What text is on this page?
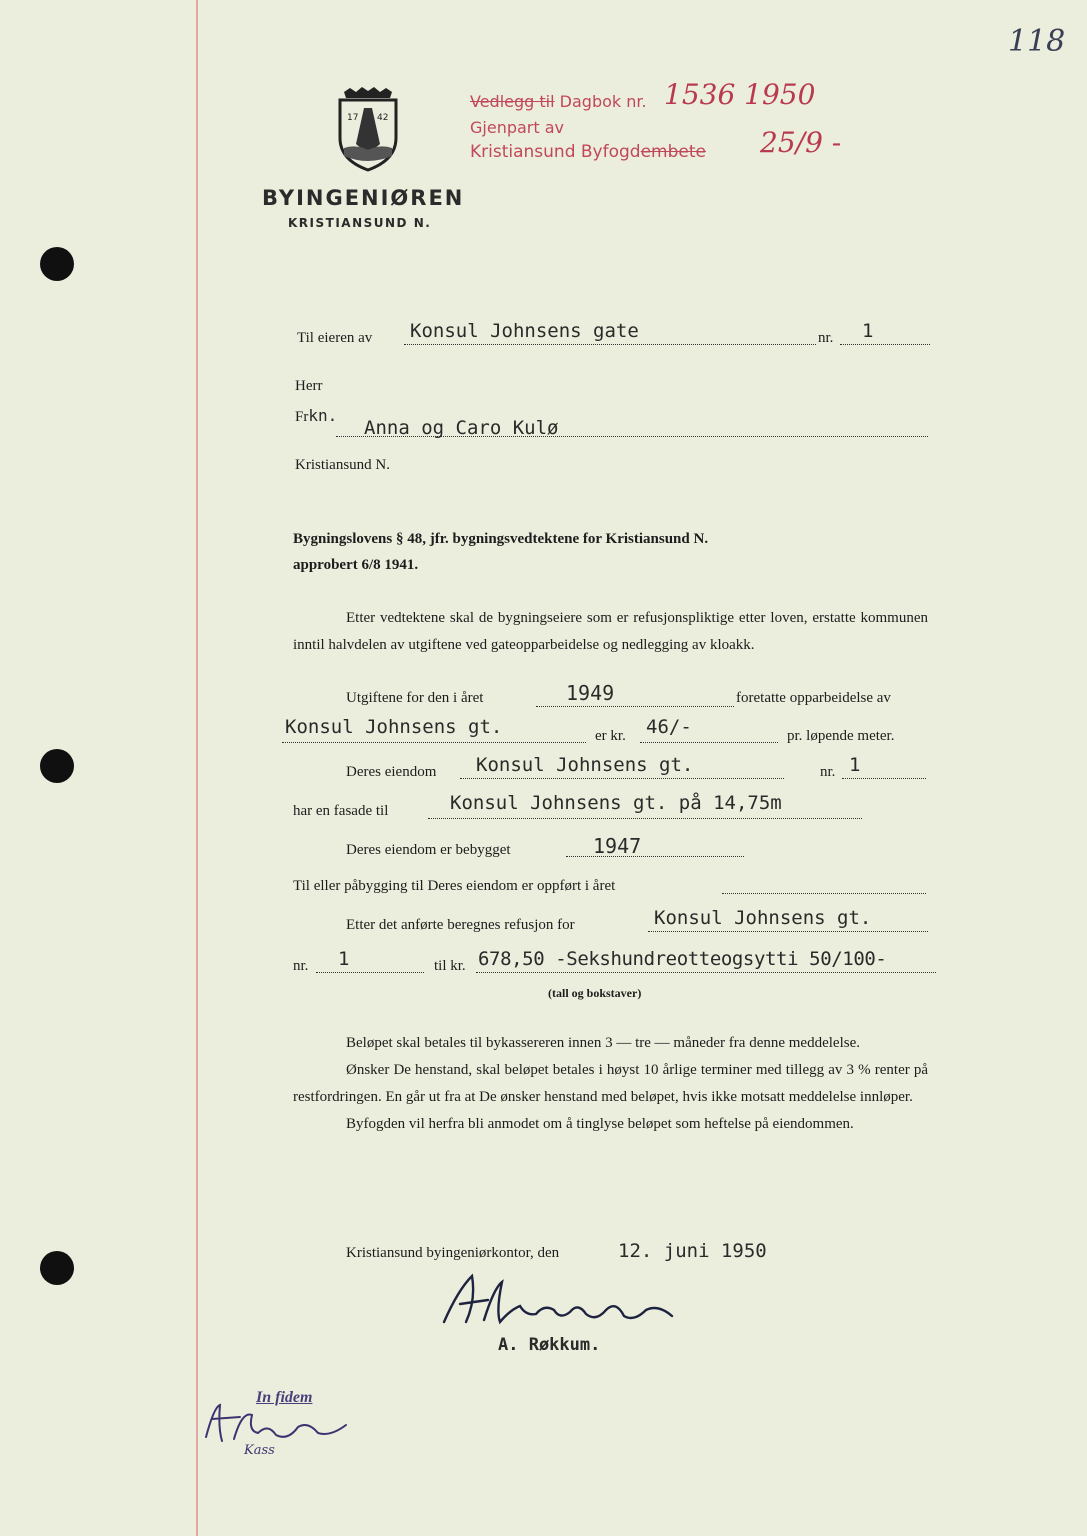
118
17 42
BYINGENIØREN
KRISTIANSUND N.
Vedlegg til Dagbok nr. 1536 1950
Gjenpart av
Kristiansund Byfogdembete 25/9 -
Til eieren av Konsul Johnsens gate	nr. 1
Herr
Frkn.
Anna og Caro Kulø
Kristiansund N.
Bygningslovens § 48, jfr. bygningsvedtektene for Kristiansund N.
approbert 6/8 1941.

Etter vedtektene skal de bygningseiere som er refusjonspliktige etter loven, erstatte kommunen inntil halvdelen av utgiftene ved gateopparbeidelse og nedlegging av kloakk.

Utgiftene for den i året	1949	foretatte opparbeidelse av
Konsul Johnsens gt.	er kr. 46/-	pr. løpende meter.
Deres eiendom Konsul Johnsens gt.	nr. 1
har en fasade til	Konsul Johnsens gt. på 14,75m
Deres eiendom er bebygget	1947
Til eller påbygging til Deres eiendom er oppført i året
Etter det anførte beregnes refusjon for	Konsul Johnsens gt.
nr. 1	til kr. 678,50 -Sekshundreotteogsytti 50/100-
(tall og bokstaver)

Beløpet skal betales til bykassereren innen 3 — tre — måneder fra denne meddelelse.

Ønsker De henstand, skal beløpet betales i høyst 10 årlige terminer med tillegg av 3 % renter på restfordringen. En går ut fra at De ønsker henstand med beløpet, hvis ikke motsatt meddelelse innløper.

Byfogden vil herfra bli anmodet om å tinglyse beløpet som heftelse på eiendommen.

Kristiansund byingeniørkontor, den	12. juni 1950
A. Røkkum.
In fidem
Kass
